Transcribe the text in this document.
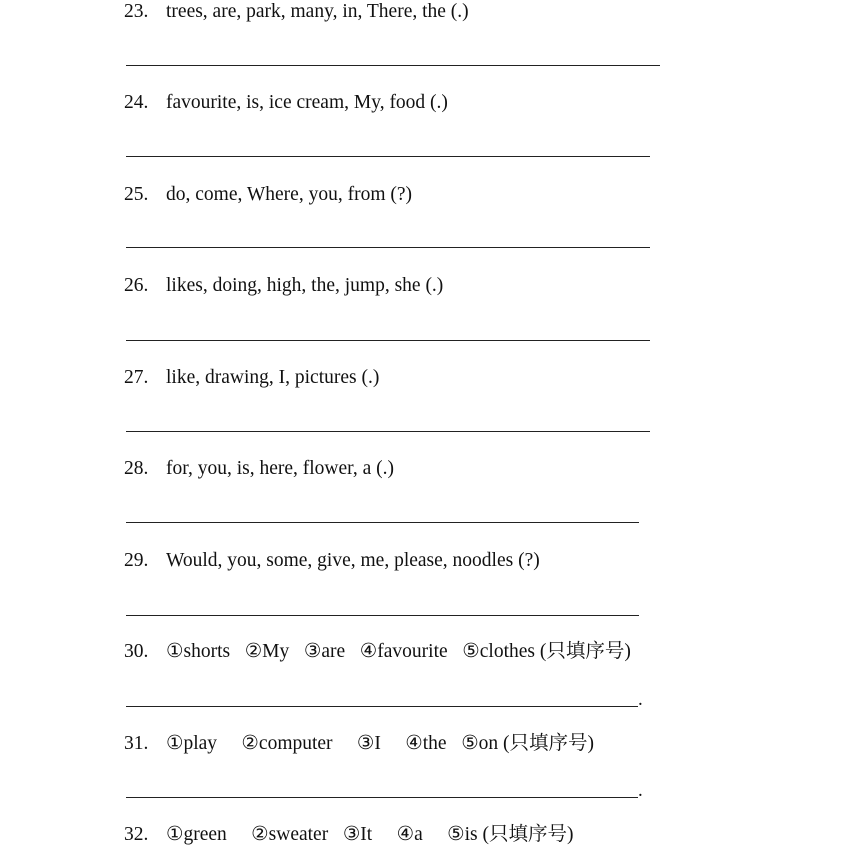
23. trees, are, park, many, in, There, the (.)
24. favourite, is, ice cream, My, food (.)
25. do, come, Where, you, from (?)
26. likes, doing, high, the, jump, she (.)
27. like, drawing, I, pictures (.)
28. for, you, is, here, flower, a (.)
29. Would, you, some, give, me, please, noodles (?)
30. ①shorts   ②My   ③are   ④favourite   ⑤clothes (只填序号)
.
31. ①play     ②computer     ③I     ④the   ⑤on (只填序号)
.
32. ①green     ②sweater   ③It     ④a     ⑤is (只填序号)
